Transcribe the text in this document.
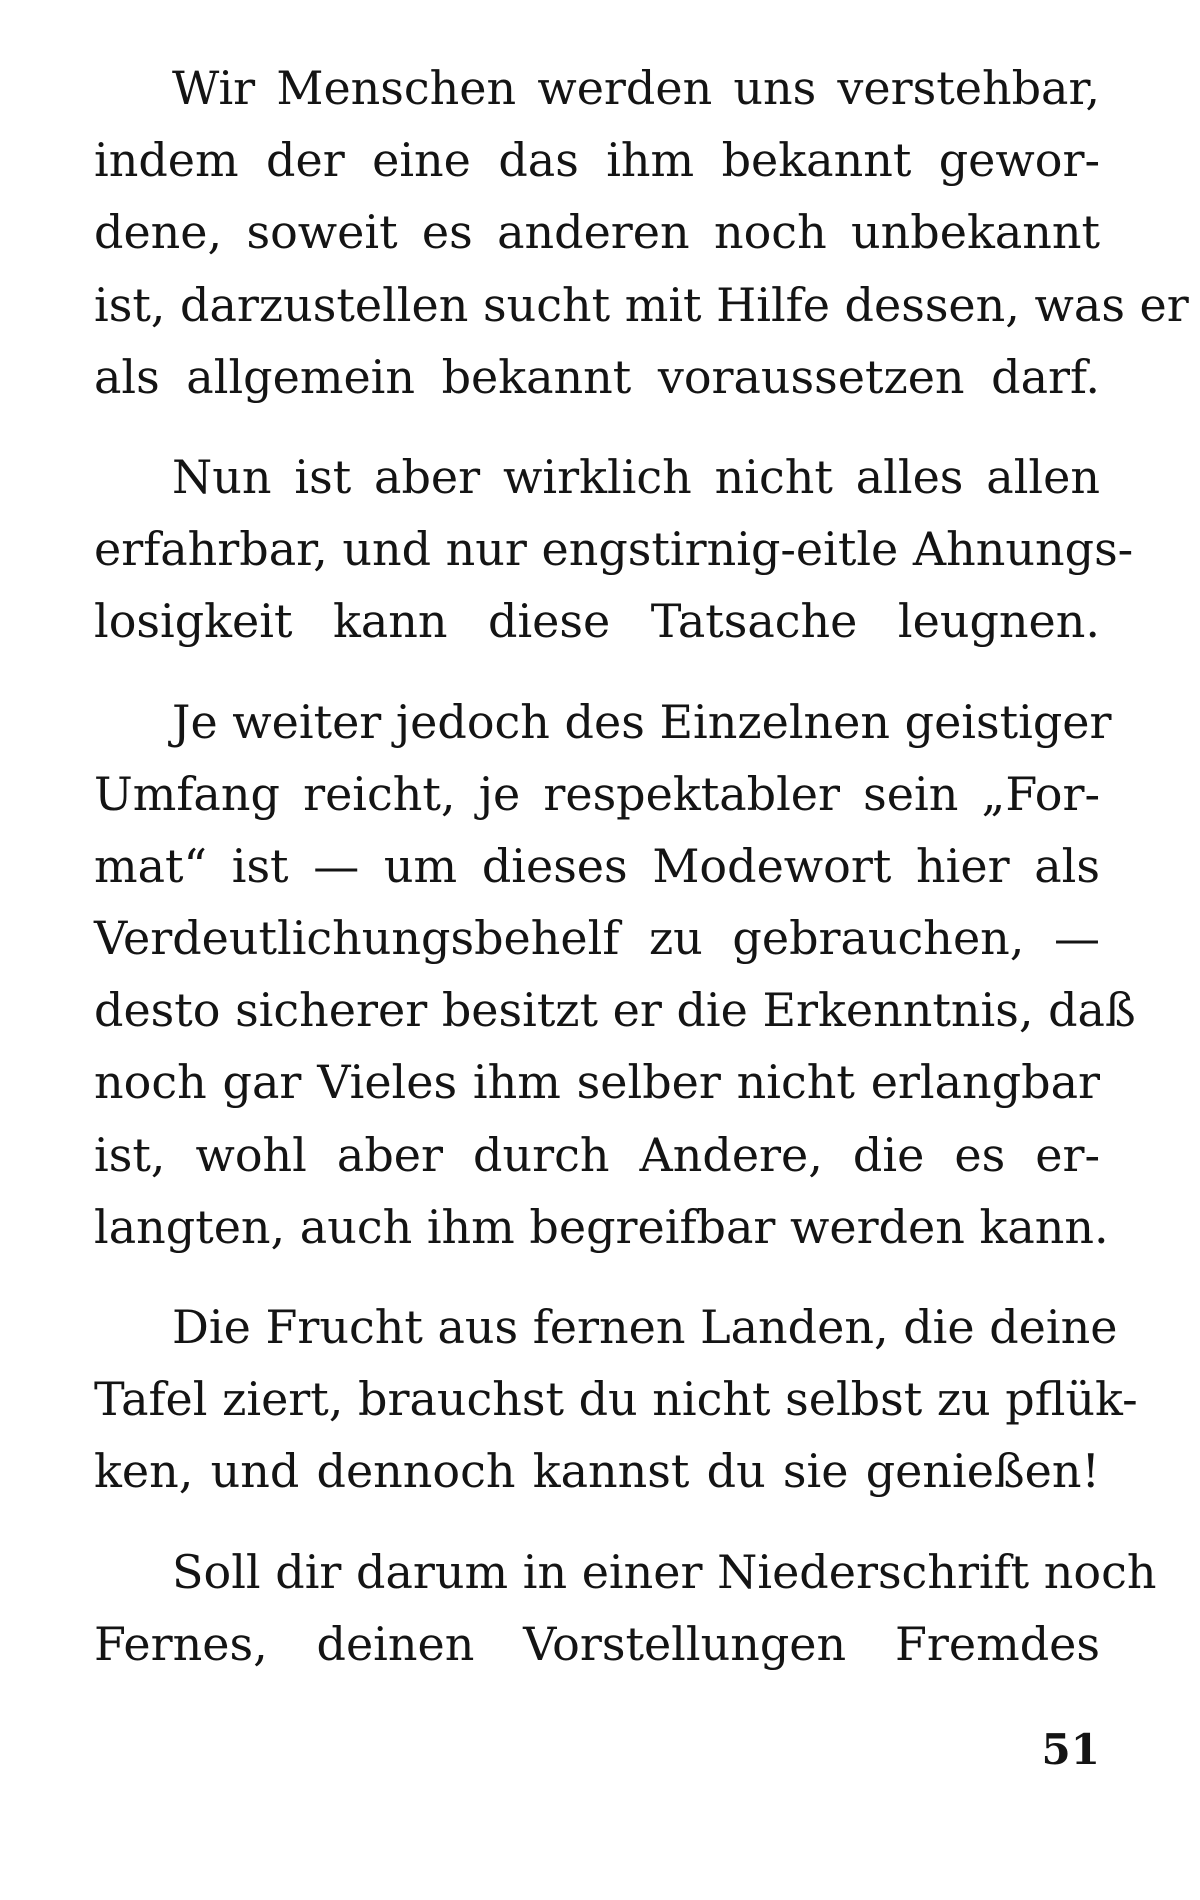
Wir Menschen werden uns verstehbar,
indem der eine das ihm bekannt gewor-
dene, soweit es anderen noch unbekannt
ist, darzustellen sucht mit Hilfe dessen, was er
als allgemein bekannt voraussetzen darf.

Nun ist aber wirklich nicht alles allen
erfahrbar, und nur engstirnig-eitle Ahnungs-
losigkeit kann diese Tatsache leugnen.

Je weiter jedoch des Einzelnen geistiger
Umfang reicht, je respektabler sein „For-
mat“ ist — um dieses Modewort hier als
Verdeutlichungsbehelf zu gebrauchen, —
desto sicherer besitzt er die Erkenntnis, daß
noch gar Vieles ihm selber nicht erlangbar
ist, wohl aber durch Andere, die es er-
langten, auch ihm begreifbar werden kann.

Die Frucht aus fernen Landen, die deine
Tafel ziert, brauchst du nicht selbst zu pflük-
ken, und dennoch kannst du sie genießen!

Soll dir darum in einer Niederschrift noch
Fernes, deinen Vorstellungen Fremdes

51
